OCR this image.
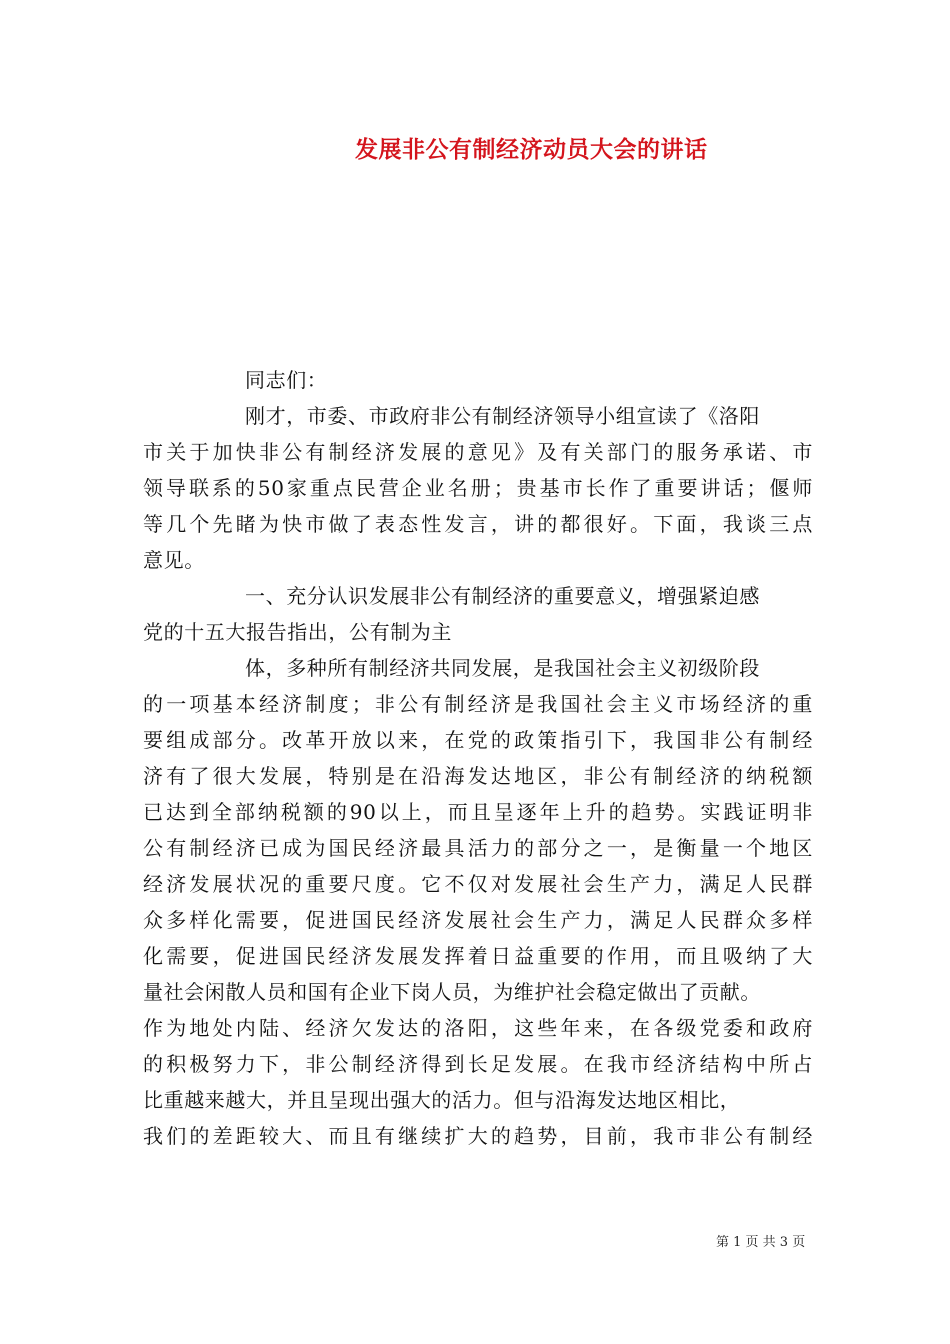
发展非公有制经济动员大会的讲话
同志们：
刚才，市委、市政府非公有制经济领导小组宣读了《洛阳
市关于加快非公有制经济发展的意见》及有关部门的服务承诺、市
领导联系的50家重点民营企业名册；贵基市长作了重要讲话；偃师
等几个先睹为快市做了表态性发言，讲的都很好。下面，我谈三点
意见。
一、充分认识发展非公有制经济的重要意义，增强紧迫感
党的十五大报告指出，公有制为主
体，多种所有制经济共同发展，是我国社会主义初级阶段
的一项基本经济制度；非公有制经济是我国社会主义市场经济的重
要组成部分。改革开放以来，在党的政策指引下，我国非公有制经
济有了很大发展，特别是在沿海发达地区，非公有制经济的纳税额
已达到全部纳税额的90以上，而且呈逐年上升的趋势。实践证明非
公有制经济已成为国民经济最具活力的部分之一，是衡量一个地区
经济发展状况的重要尺度。它不仅对发展社会生产力，满足人民群
众多样化需要，促进国民经济发展社会生产力，满足人民群众多样
化需要，促进国民经济发展发挥着日益重要的作用，而且吸纳了大
量社会闲散人员和国有企业下岗人员，为维护社会稳定做出了贡献。
作为地处内陆、经济欠发达的洛阳，这些年来，在各级党委和政府
的积极努力下，非公制经济得到长足发展。在我市经济结构中所占
比重越来越大，并且呈现出强大的活力。但与沿海发达地区相比，
我们的差距较大、而且有继续扩大的趋势，目前，我市非公有制经
第 1 页 共 3 页
